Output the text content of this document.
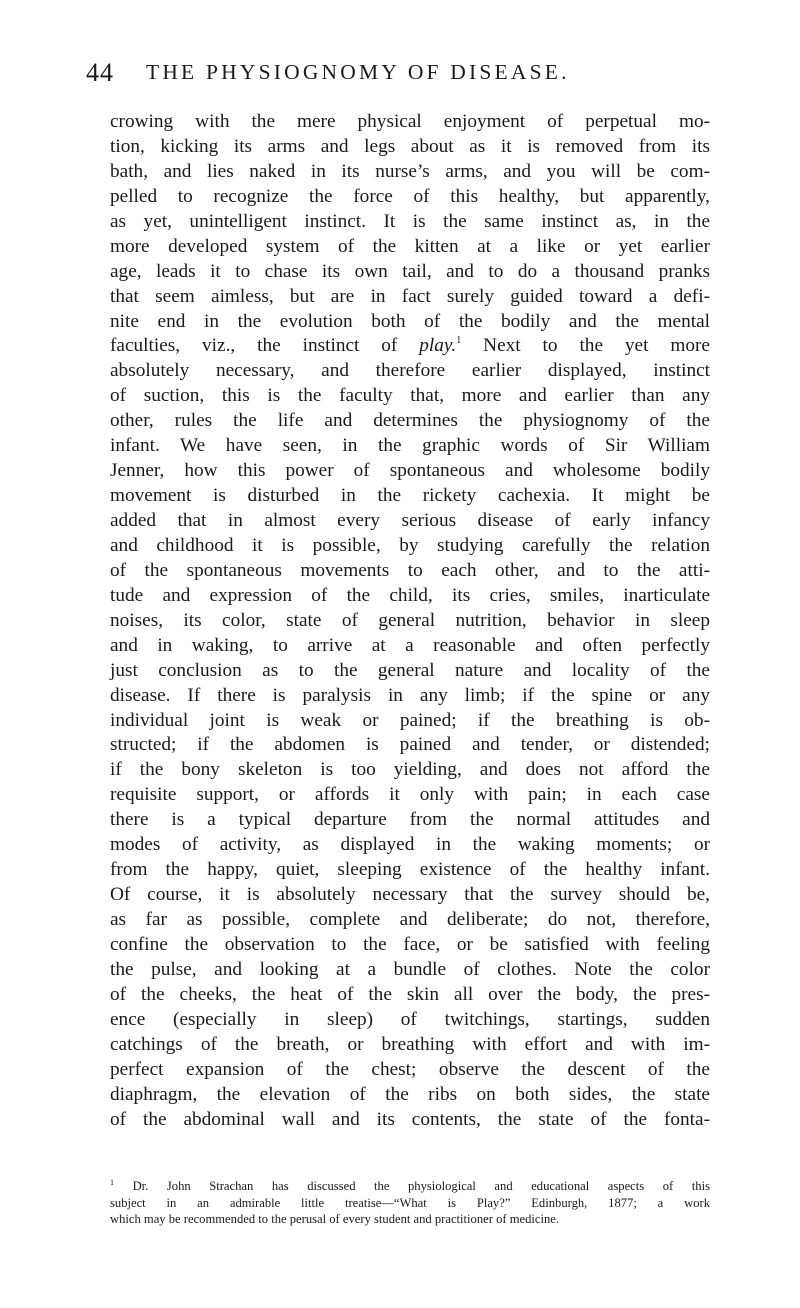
44 THE PHYSIOGNOMY OF DISEASE.
crowing with the mere physical enjoyment of perpetual mo-
tion, kicking its arms and legs about as it is removed from its
bath, and lies naked in its nurse’s arms, and you will be com-
pelled to recognize the force of this healthy, but apparently,
as yet, unintelligent instinct. It is the same instinct as, in the
more developed system of the kitten at a like or yet earlier
age, leads it to chase its own tail, and to do a thousand pranks
that seem aimless, but are in fact surely guided toward a defi-
nite end in the evolution both of the bodily and the mental
faculties, viz., the instinct of play.$^1$ Next to the yet more
absolutely necessary, and therefore earlier displayed, instinct
of suction, this is the faculty that, more and earlier than any
other, rules the life and determines the physiognomy of the
infant. We have seen, in the graphic words of Sir William
Jenner, how this power of spontaneous and wholesome bodily
movement is disturbed in the rickety cachexia. It might be
added that in almost every serious disease of early infancy
and childhood it is possible, by studying carefully the relation
of the spontaneous movements to each other, and to the atti-
tude and expression of the child, its cries, smiles, inarticulate
noises, its color, state of general nutrition, behavior in sleep
and in waking, to arrive at a reasonable and often perfectly
just conclusion as to the general nature and locality of the
disease. If there is paralysis in any limb; if the spine or any
individual joint is weak or pained; if the breathing is ob-
structed; if the abdomen is pained and tender, or distended;
if the bony skeleton is too yielding, and does not afford the
requisite support, or affords it only with pain; in each case
there is a typical departure from the normal attitudes and
modes of activity, as displayed in the waking moments; or
from the happy, quiet, sleeping existence of the healthy infant.
Of course, it is absolutely necessary that the survey should be,
as far as possible, complete and deliberate; do not, therefore,
confine the observation to the face, or be satisfied with feeling
the pulse, and looking at a bundle of clothes. Note the color
of the cheeks, the heat of the skin all over the body, the pres-
ence (especially in sleep) of twitchings, startings, sudden
catchings of the breath, or breathing with effort and with im-
perfect expansion of the chest; observe the descent of the
diaphragm, the elevation of the ribs on both sides, the state
of the abdominal wall and its contents, the state of the fonta-
$^1$ Dr. John Strachan has discussed the physiological and educational aspects of this
subject in an admirable little treatise—“What is Play?” Edinburgh, 1877; a work
which may be recommended to the perusal of every student and practitioner of medicine.
